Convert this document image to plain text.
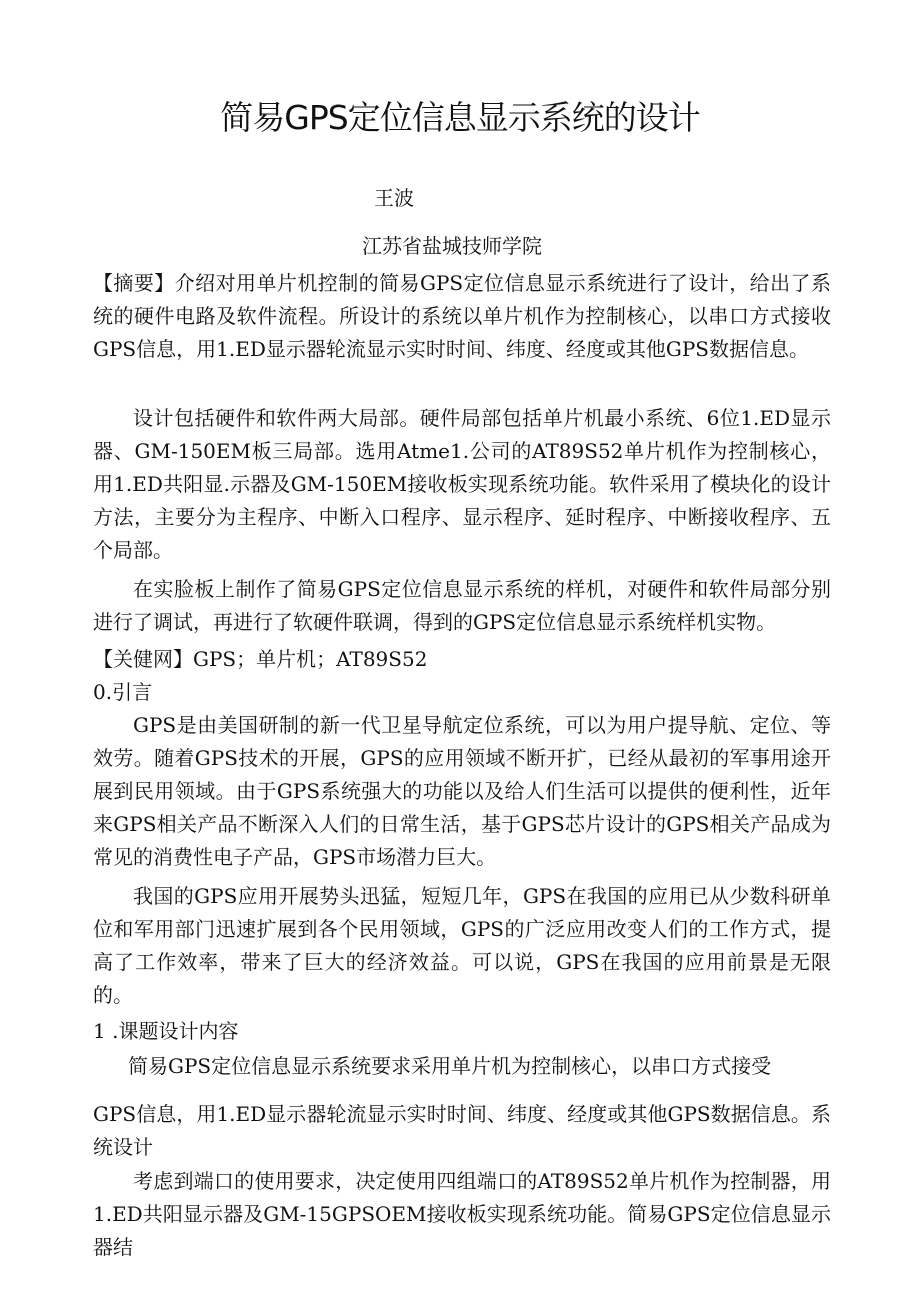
简易GPS定位信息显示系统的设计
王波
江苏省盐城技师学院

【摘要】介绍对用单片机控制的简易GPS定位信息显示系统进行了设计，给出了系统的硬件电路及软件流程。所设计的系统以单片机作为控制核心，以串口方式接收GPS信息，用1.ED显示器轮流显示实时时间、纬度、经度或其他GPS数据信息。

设计包括硬件和软件两大局部。硬件局部包括单片机最小系统、6位1.ED显示器、GM-150EM板三局部。选用Atme1.公司的AT89S52单片机作为控制核心，用1.ED共阳显.示器及GM-150EM接收板实现系统功能。软件采用了模块化的设计方法，主要分为主程序、中断入口程序、显示程序、延时程序、中断接收程序、五个局部。

在实脸板上制作了简易GPS定位信息显示系统的样机，对硬件和软件局部分别进行了调试，再进行了软硬件联调，得到的GPS定位信息显示系统样机实物。

【关健网】GPS；单片机；AT89S52

0.引言

GPS是由美国研制的新一代卫星导航定位系统，可以为用户提导航、定位、等效劳。随着GPS技术的开展，GPS的应用领域不断开扩，已经从最初的军事用途开展到民用领域。由于GPS系统强大的功能以及给人们生活可以提供的便利性，近年来GPS相关产品不断深入人们的日常生活，基于GPS芯片设计的GPS相关产品成为常见的消费性电子产品，GPS市场潜力巨大。

我国的GPS应用开展势头迅猛，短短几年，GPS在我国的应用已从少数科研单位和军用部门迅速扩展到各个民用领域，GPS的广泛应用改变人们的工作方式，提高了工作效率，带来了巨大的经济效益。可以说，GPS在我国的应用前景是无限的。

1 .课题设计内容

简易GPS定位信息显示系统要求采用单片机为控制核心，以串口方式接受

GPS信息，用1.ED显示器轮流显示实时时间、纬度、经度或其他GPS数据信息。系统设计

考虑到端口的使用要求，决定使用四组端口的AT89S52单片机作为控制器，用1.ED共阳显示器及GM-15GPSOEM接收板实现系统功能。简易GPS定位信息显示器结
